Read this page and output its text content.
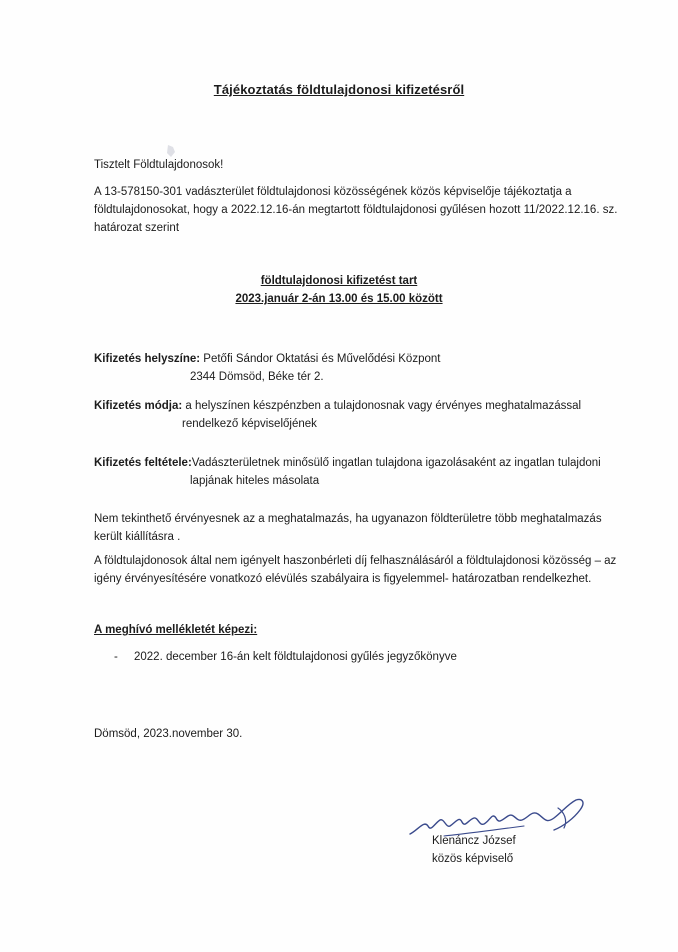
Tájékoztatás földtulajdonosi kifizetésről
Tisztelt Földtulajdonosok!
A 13-578150-301 vadászterület földtulajdonosi közösségének közös képviselője tájékoztatja a földtulajdonosokat, hogy a 2022.12.16-án megtartott földtulajdonosi gyűlésen hozott 11/2022.12.16. sz. határozat szerint
földtulajdonosi kifizetést tart
2023.január 2-án 13.00 és 15.00 között
Kifizetés helyszíne: Petőfi Sándor Oktatási és Művelődési Központ
2344 Dömsöd, Béke tér 2.
Kifizetés módja: a helyszínen készpénzben a tulajdonosnak vagy érvényes meghatalmazással
rendelkező képviselőjének
Kifizetés feltétele:Vadászterületnek minősülő ingatlan tulajdona igazolásaként az ingatlan tulajdoni
lapjának hiteles másolata
Nem tekinthető érvényesnek az a meghatalmazás, ha ugyanazon földterületre több meghatalmazás került kiállításra .
A földtulajdonosok által nem igényelt haszonbérleti díj felhasználásáról a földtulajdonosi közösség – az igény érvényesítésére vonatkozó elévülés szabályaira is figyelemmel- határozatban rendelkezhet.
A meghívó mellékletét képezi:
- 2022. december 16-án kelt földtulajdonosi gyűlés jegyzőkönyve
Dömsöd, 2023.november 30.
Klenáncz József
közös képviselő
